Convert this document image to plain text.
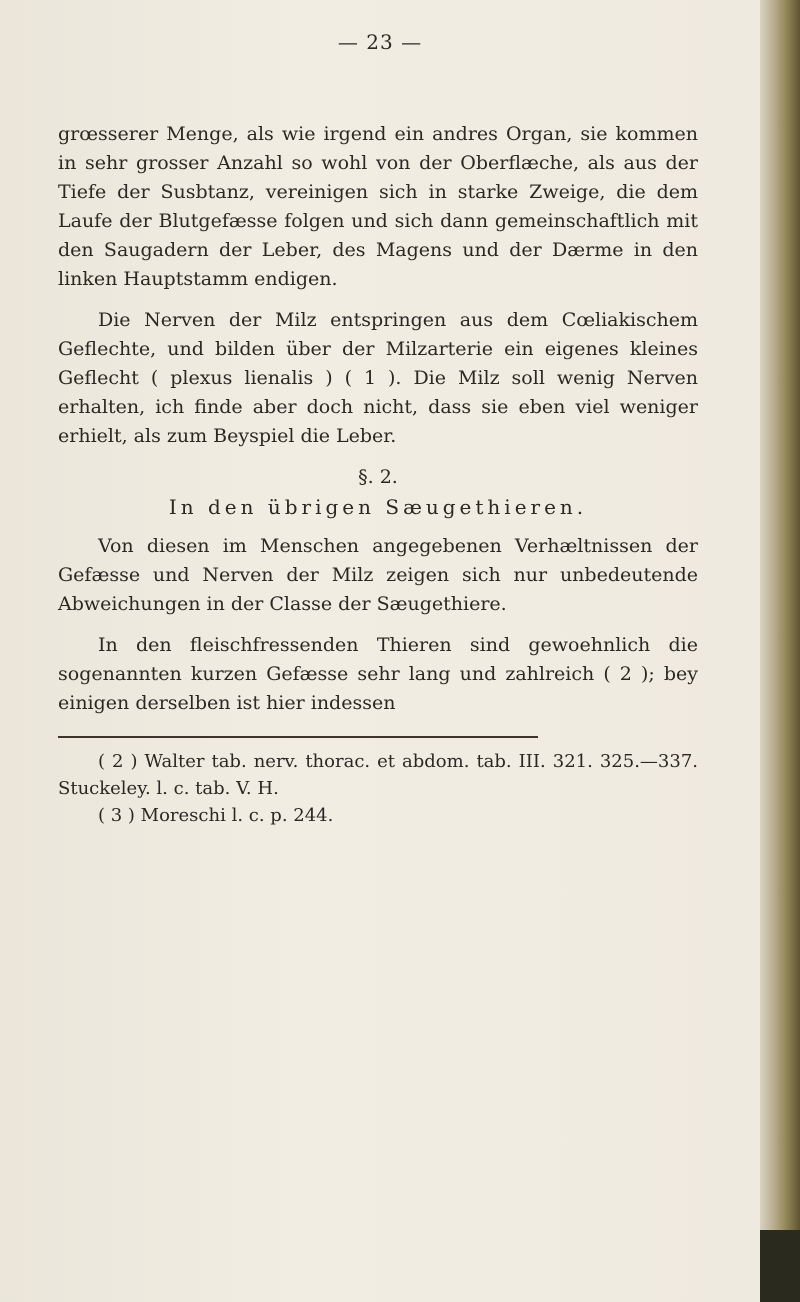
— 23 —

grœsserer Menge, als wie irgend ein andres Organ, sie kommen in sehr grosser Anzahl so wohl von der Oberflæche, als aus der Tiefe der Susbtanz, vereinigen sich in starke Zweige, die dem Laufe der Blutgefæsse folgen und sich dann gemeinschaftlich mit den Saugadern der Leber, des Magens und der Dærme in den linken Hauptstamm endigen.

Die Nerven der Milz entspringen aus dem Cœliakischem Geflechte, und bilden über der Milzarterie ein eigenes kleines Geflecht ( plexus lienalis ) ( 1 ). Die Milz soll wenig Nerven erhalten, ich finde aber doch nicht, dass sie eben viel weniger erhielt, als zum Beyspiel die Leber.

§. 2.
In den übrigen Sæugethieren.

Von diesen im Menschen angegebenen Verhæltnissen der Gefæsse und Nerven der Milz zeigen sich nur unbedeutende Abweichungen in der Classe der Sæugethiere.

In den fleischfressenden Thieren sind gewoehnlich die sogenannten kurzen Gefæsse sehr lang und zahlreich ( 2 ); bey einigen derselben ist hier indessen

( 2 ) Walter tab. nerv. thorac. et abdom. tab. III. 321. 325.—337. Stuckeley. l. c. tab. V. H.

( 3 ) Moreschi l. c. p. 244.
